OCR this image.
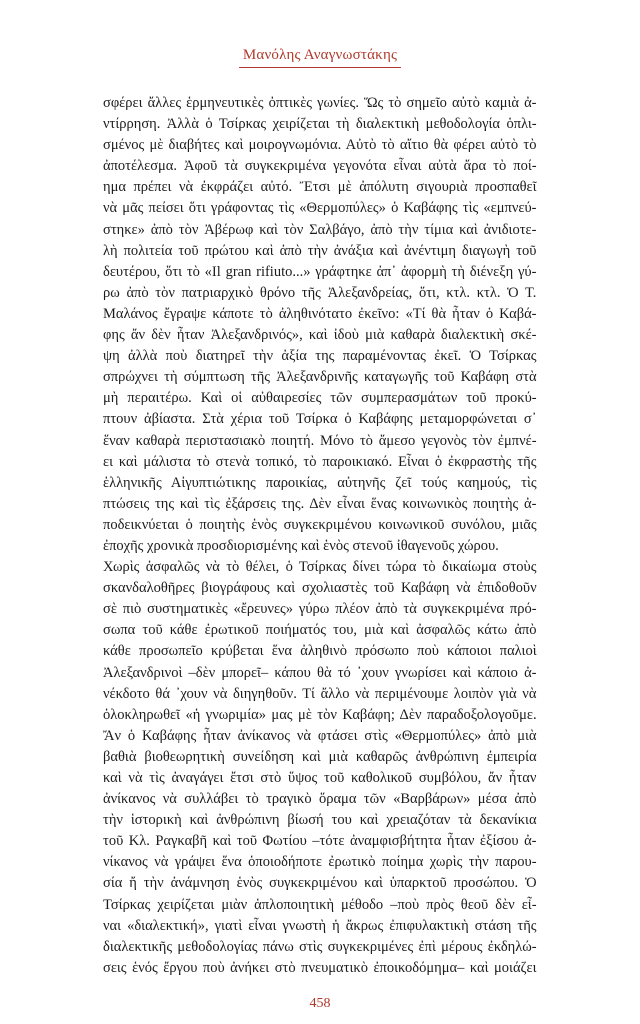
Μανόλης Αναγνωστάκης
σφέρει ἄλλες ἑρμηνευτικὲς ὀπτικὲς γωνίες. Ὥς τὸ σημεῖο αὐτὸ καμιὰ ἀ-
ντίρρηση. Ἀλλὰ ὁ Τσίρκας χειρίζεται τὴ διαλεκτικὴ μεθοδολογία ὁπλι-
σμένος μὲ διαβήτες καὶ μοιρογνωμόνια. Αὐτὸ τὸ αἴτιο θὰ φέρει αὐτὸ τὸ
ἀποτέλεσμα. Ἀφοῦ τὰ συγκεκριμένα γεγονότα εἶναι αὐτὰ ἄρα τὸ ποί-
ημα πρέπει νὰ ἐκφράζει αὐτό. Ἔτσι μὲ ἀπόλυτη σιγουριὰ προσπαθεῖ
νὰ μᾶς πείσει ὅτι γράφοντας τὶς «Θερμοπύλες» ὁ Καβάφης τὶς «εμπνεύ-
στηκε» ἀπὸ τὸν Ἀβέρωφ καὶ τὸν Σαλβάγο, ἀπὸ τὴν τίμια καὶ ἀνιδιοτε-
λὴ πολιτεία τοῦ πρώτου καὶ ἀπὸ τὴν ἀνάξια καὶ ἀνέντιμη διαγωγὴ τοῦ
δευτέρου, ὅτι τὸ «Il gran rifiuto...» γράφτηκε ἀπ᾽ ἀφορμὴ τὴ διένεξη γύ-
ρω ἀπὸ τὸν πατριαρχικὸ θρόνο τῆς Ἀλεξανδρείας, ὅτι, κτλ. κτλ. Ὁ Τ.
Μαλάνος ἔγραψε κάποτε τὸ ἀληθινότατο ἐκεῖνο: «Τί θὰ ἦταν ὁ Καβά-
φης ἄν δὲν ἦταν Ἀλεξανδρινός», καὶ ἰδοὺ μιὰ καθαρὰ διαλεκτικὴ σκέ-
ψη ἀλλὰ ποὺ διατηρεῖ τὴν ἀξία της παραμένοντας ἐκεῖ. Ὁ Τσίρκας
σπρώχνει τὴ σύμπτωση τῆς Ἀλεξανδρινῆς καταγωγῆς τοῦ Καβάφη στὰ
μὴ περαιτέρω. Καὶ οἱ αὐθαιρεσίες τῶν συμπερασμάτων τοῦ προκύ-
πτουν ἀβίαστα. Στὰ χέρια τοῦ Τσίρκα ὁ Καβάφης μεταμορφώνεται σ᾽
ἕναν καθαρὰ περιστασιακὸ ποιητή. Μόνο τὸ ἄμεσο γεγονὸς τὸν ἐμπνέ-
ει καὶ μάλιστα τὸ στενὰ τοπικό, τὸ παροικιακό. Εἶναι ὁ ἐκφραστὴς τῆς
ἑλληνικῆς Αἰγυπτιώτικης παροικίας, αὐτηνῆς ζεῖ τούς καημούς, τὶς
πτώσεις της καὶ τὶς ἐξάρσεις της. Δὲν εἶναι ἕνας κοινωνικὸς ποιητὴς ἀ-
ποδεικνύεται ὁ ποιητὴς ἑνὸς συγκεκριμένου κοινωνικοῦ συνόλου, μιᾶς
ἐποχῆς χρονικὰ προσδιορισμένης καὶ ἑνὸς στενοῦ ἰθαγενοῦς χώρου.
Χωρὶς ἀσφαλῶς νὰ τὸ θέλει, ὁ Τσίρκας δίνει τώρα τὸ δικαίωμα στοὺς
σκανδαλοθῆρες βιογράφους καὶ σχολιαστὲς τοῦ Καβάφη νὰ ἐπιδοθοῦν
σὲ πιὸ συστηματικὲς «ἔρευνες» γύρω πλέον ἀπὸ τὰ συγκεκριμένα πρό-
σωπα τοῦ κάθε ἐρωτικοῦ ποιήματός του, μιὰ καὶ ἀσφαλῶς κάτω ἀπὸ
κάθε προσωπεῖο κρύβεται ἕνα ἀληθινὸ πρόσωπο ποὺ κάποιοι παλιοὶ
Ἀλεξανδρινοὶ –δὲν μπορεῖ– κάπου θὰ τό ᾽χουν γνωρίσει καὶ κάποιο ἀ-
νέκδοτο θά ᾽χουν νὰ διηγηθοῦν. Τί ἄλλο νὰ περιμένουμε λοιπὸν γιὰ νὰ
ὁλοκληρωθεῖ «ἡ γνωριμία» μας μὲ τὸν Καβάφη; Δὲν παραδοξολογοῦμε.
Ἄν ὁ Καβάφης ἦταν ἀνίκανος νὰ φτάσει στὶς «Θερμοπύλες» ἀπὸ μιὰ
βαθιὰ βιοθεωρητικὴ συνείδηση καὶ μιὰ καθαρῶς ἀνθρώπινη ἐμπειρία
καὶ νὰ τὶς ἀναγάγει ἔτσι στὸ ὕψος τοῦ καθολικοῦ συμβόλου, ἄν ἦταν
ἀνίκανος νὰ συλλάβει τὸ τραγικὸ ὅραμα τῶν «Βαρβάρων» μέσα ἀπὸ
τὴν ἱστορικὴ καὶ ἀνθρώπινη βίωσή του καὶ χρειαζόταν τὰ δεκανίκια
τοῦ Κλ. Ραγκαβῆ καὶ τοῦ Φωτίου –τότε ἀναμφισβήτητα ἦταν ἐξίσου ἀ-
νίκανος νὰ γράψει ἕνα ὁποιοδήποτε ἐρωτικὸ ποίημα χωρὶς τὴν παρου-
σία ἤ τὴν ἀνάμνηση ἑνὸς συγκεκριμένου καὶ ὑπαρκτοῦ προσώπου. Ὁ
Τσίρκας χειρίζεται μιὰν ἁπλοποιητικὴ μέθοδο –ποὺ πρὸς θεοῦ δὲν εἶ-
ναι «διαλεκτική», γιατὶ εἶναι γνωστὴ ἡ ἄκρως ἐπιφυλακτικὴ στάση τῆς
διαλεκτικῆς μεθοδολογίας πάνω στὶς συγκεκριμένες ἐπὶ μέρους ἐκδηλώ-
σεις ἑνός ἔργου ποὺ ἀνήκει στὸ πνευματικὸ ἐποικοδόμημα– καὶ μοιάζει
458
